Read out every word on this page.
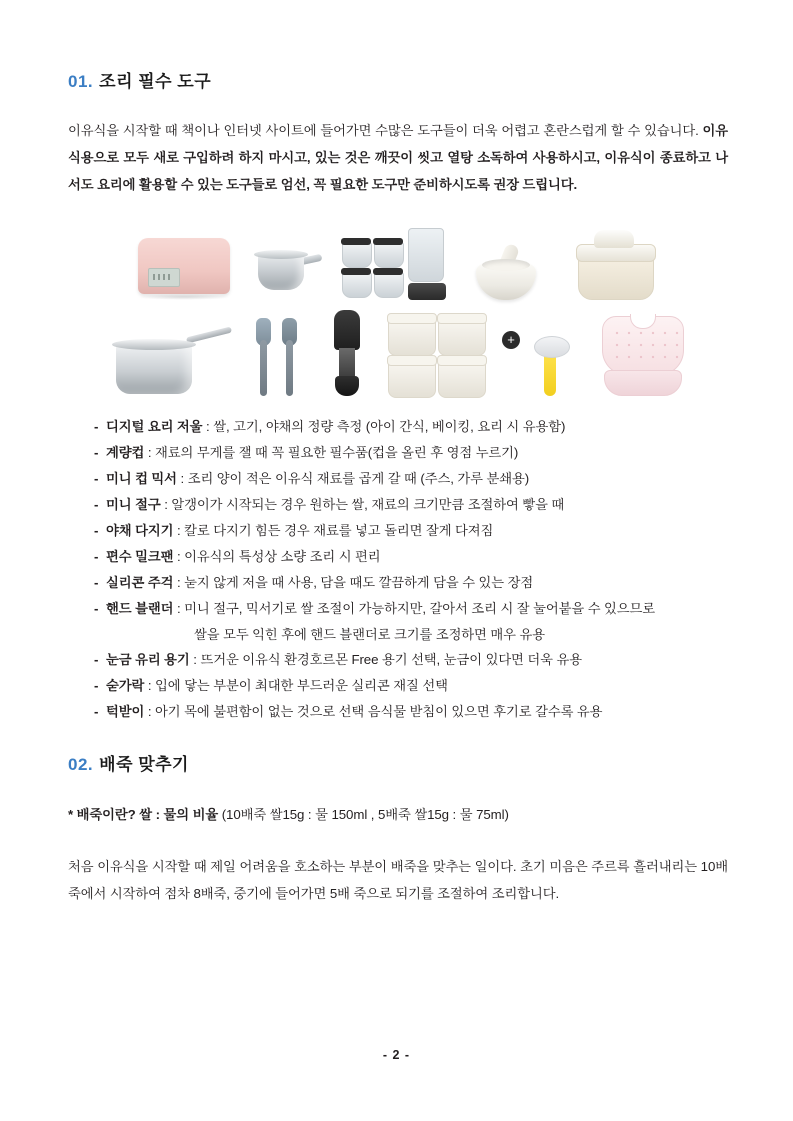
01. 조리 필수 도구

이유식을 시작할 때 책이나 인터넷 사이트에 들어가면 수많은 도구들이 더욱 어렵고 혼란스럽게 할 수 있습니다. 이유식용으로 모두 새로 구입하려 하지 마시고, 있는 것은 깨끗이 씻고 열탕 소독하여 사용하시고, 이유식이 종료하고 나서도 요리에 활용할 수 있는 도구들로 엄선, 꼭 필요한 도구만 준비하시도록 권장 드립니다.

+
- 디지털 요리 저울 : 쌀, 고기, 야채의 정량 측정 (아이 간식, 베이킹, 요리 시 유용함)
- 계량컵 : 재료의 무게를 잴 때 꼭 필요한 필수품(컵을 올린 후 영점 누르기)
- 미니 컵 믹서 : 조리 양이 적은 이유식 재료를 곱게 갈 때 (주스, 가루 분쇄용)
- 미니 절구 : 알갱이가 시작되는 경우 원하는 쌀, 재료의 크기만큼 조절하여 빻을 때
- 야채 다지기 : 칼로 다지기 힘든 경우 재료를 넣고 돌리면 잘게 다져짐
- 편수 밀크팬 : 이유식의 특성상 소량 조리 시 편리
- 실리콘 주걱 : 눋지 않게 저을 때 사용, 담을 때도 깔끔하게 담을 수 있는 장점
- 핸드 블랜더 : 미니 절구, 믹서기로 쌀 조절이 가능하지만, 갈아서 조리 시 잘 눌어붙을 수 있으므로
쌀을 모두 익힌 후에 핸드 블랜더로 크기를 조정하면 매우 유용
- 눈금 유리 용기 : 뜨거운 이유식 환경호르몬 Free 용기 선택, 눈금이 있다면 더욱 유용
- 숟가락 : 입에 닿는 부분이 최대한 부드러운 실리콘 재질 선택
- 턱받이 : 아기 목에 불편함이 없는 것으로 선택 음식물 받침이 있으면 후기로 갈수록 유용
02. 배죽 맞추기

* 배죽이란? 쌀 : 물의 비율 (10배죽 쌀15g : 물 150ml , 5배죽 쌀15g : 물 75ml)

처음 이유식을 시작할 때 제일 어려움을 호소하는 부분이 배죽을 맞추는 일이다. 초기 미음은 주르륵 흘러내리는 10배 죽에서 시작하여 점차 8배죽, 중기에 들어가면 5배 죽으로 되기를 조절하여 조리합니다.

- 2 -
